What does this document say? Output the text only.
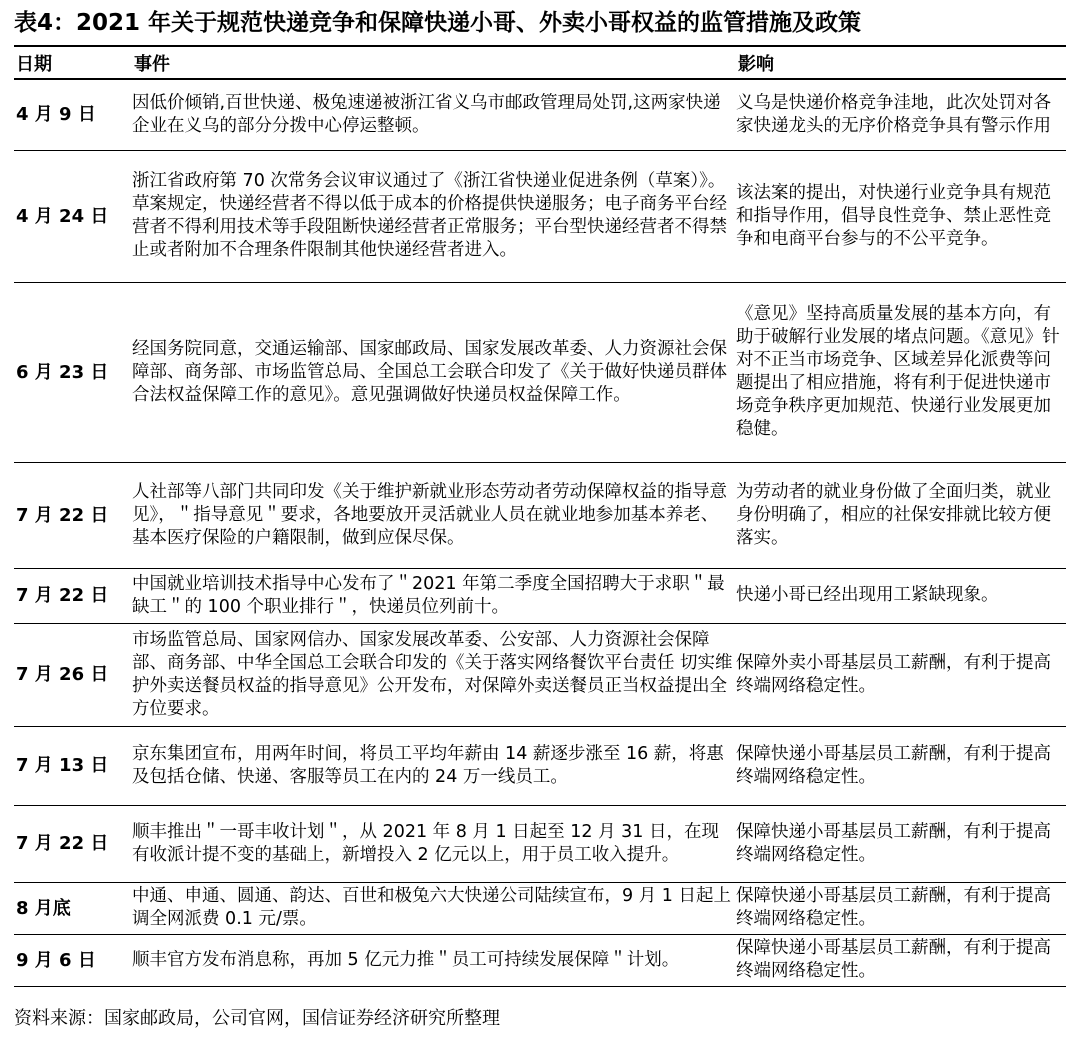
表4：2021 年关于规范快递竞争和保障快递小哥、外卖小哥权益的监管措施及政策
日期	事件	影响
4 月 9 日	因低价倾销,百世快递、极兔速递被浙江省义乌市邮政管理局处罚,这两家快递企业在义乌的部分分拨中心停运整顿。	义乌是快递价格竞争洼地，此次处罚对各家快递龙头的无序价格竞争具有警示作用
4 月 24 日	浙江省政府第 70 次常务会议审议通过了《浙江省快递业促进条例（草案）》。草案规定，快递经营者不得以低于成本的价格提供快递服务；电子商务平台经营者不得利用技术等手段阻断快递经营者正常服务；平台型快递经营者不得禁止或者附加不合理条件限制其他快递经营者进入。	该法案的提出，对快递行业竞争具有规范和指导作用，倡导良性竞争、禁止恶性竞争和电商平台参与的不公平竞争。
6 月 23 日	经国务院同意，交通运输部、国家邮政局、国家发展改革委、人力资源社会保障部、商务部、市场监管总局、全国总工会联合印发了《关于做好快递员群体合法权益保障工作的意见》。意见强调做好快递员权益保障工作。	《意见》坚持高质量发展的基本方向，有助于破解行业发展的堵点问题。《意见》针对不正当市场竞争、区域差异化派费等问题提出了相应措施，将有利于促进快递市场竞争秩序更加规范、快递行业发展更加稳健。
7 月 22 日	人社部等八部门共同印发《关于维护新就业形态劳动者劳动保障权益的指导意见》，＂指导意见＂要求，各地要放开灵活就业人员在就业地参加基本养老、基本医疗保险的户籍限制，做到应保尽保。	为劳动者的就业身份做了全面归类，就业身份明确了，相应的社保安排就比较方便落实。
7 月 22 日	中国就业培训技术指导中心发布了＂2021 年第二季度全国招聘大于求职＂最缺工＂的 100 个职业排行＂，快递员位列前十。	快递小哥已经出现用工紧缺现象。
7 月 26 日	市场监管总局、国家网信办、国家发展改革委、公安部、人力资源社会保障部、商务部、中华全国总工会联合印发的《关于落实网络餐饮平台责任 切实维护外卖送餐员权益的指导意见》公开发布，对保障外卖送餐员正当权益提出全方位要求。	保障外卖小哥基层员工薪酬，有利于提高终端网络稳定性。
7 月 13 日	京东集团宣布，用两年时间，将员工平均年薪由 14 薪逐步涨至 16 薪，将惠及包括仓储、快递、客服等员工在内的 24 万一线员工。	保障快递小哥基层员工薪酬，有利于提高终端网络稳定性。
7 月 22 日	顺丰推出＂一哥丰收计划＂，从 2021 年 8 月 1 日起至 12 月 31 日，在现有收派计提不变的基础上，新增投入 2 亿元以上，用于员工收入提升。	保障快递小哥基层员工薪酬，有利于提高终端网络稳定性。
8 月底	中通、申通、圆通、韵达、百世和极兔六大快递公司陆续宣布，9 月 1 日起上调全网派费 0.1 元/票。	保障快递小哥基层员工薪酬，有利于提高终端网络稳定性。
9 月 6 日	顺丰官方发布消息称，再加 5 亿元力推＂员工可持续发展保障＂计划。	保障快递小哥基层员工薪酬，有利于提高终端网络稳定性。
资料来源：国家邮政局，公司官网，国信证券经济研究所整理
